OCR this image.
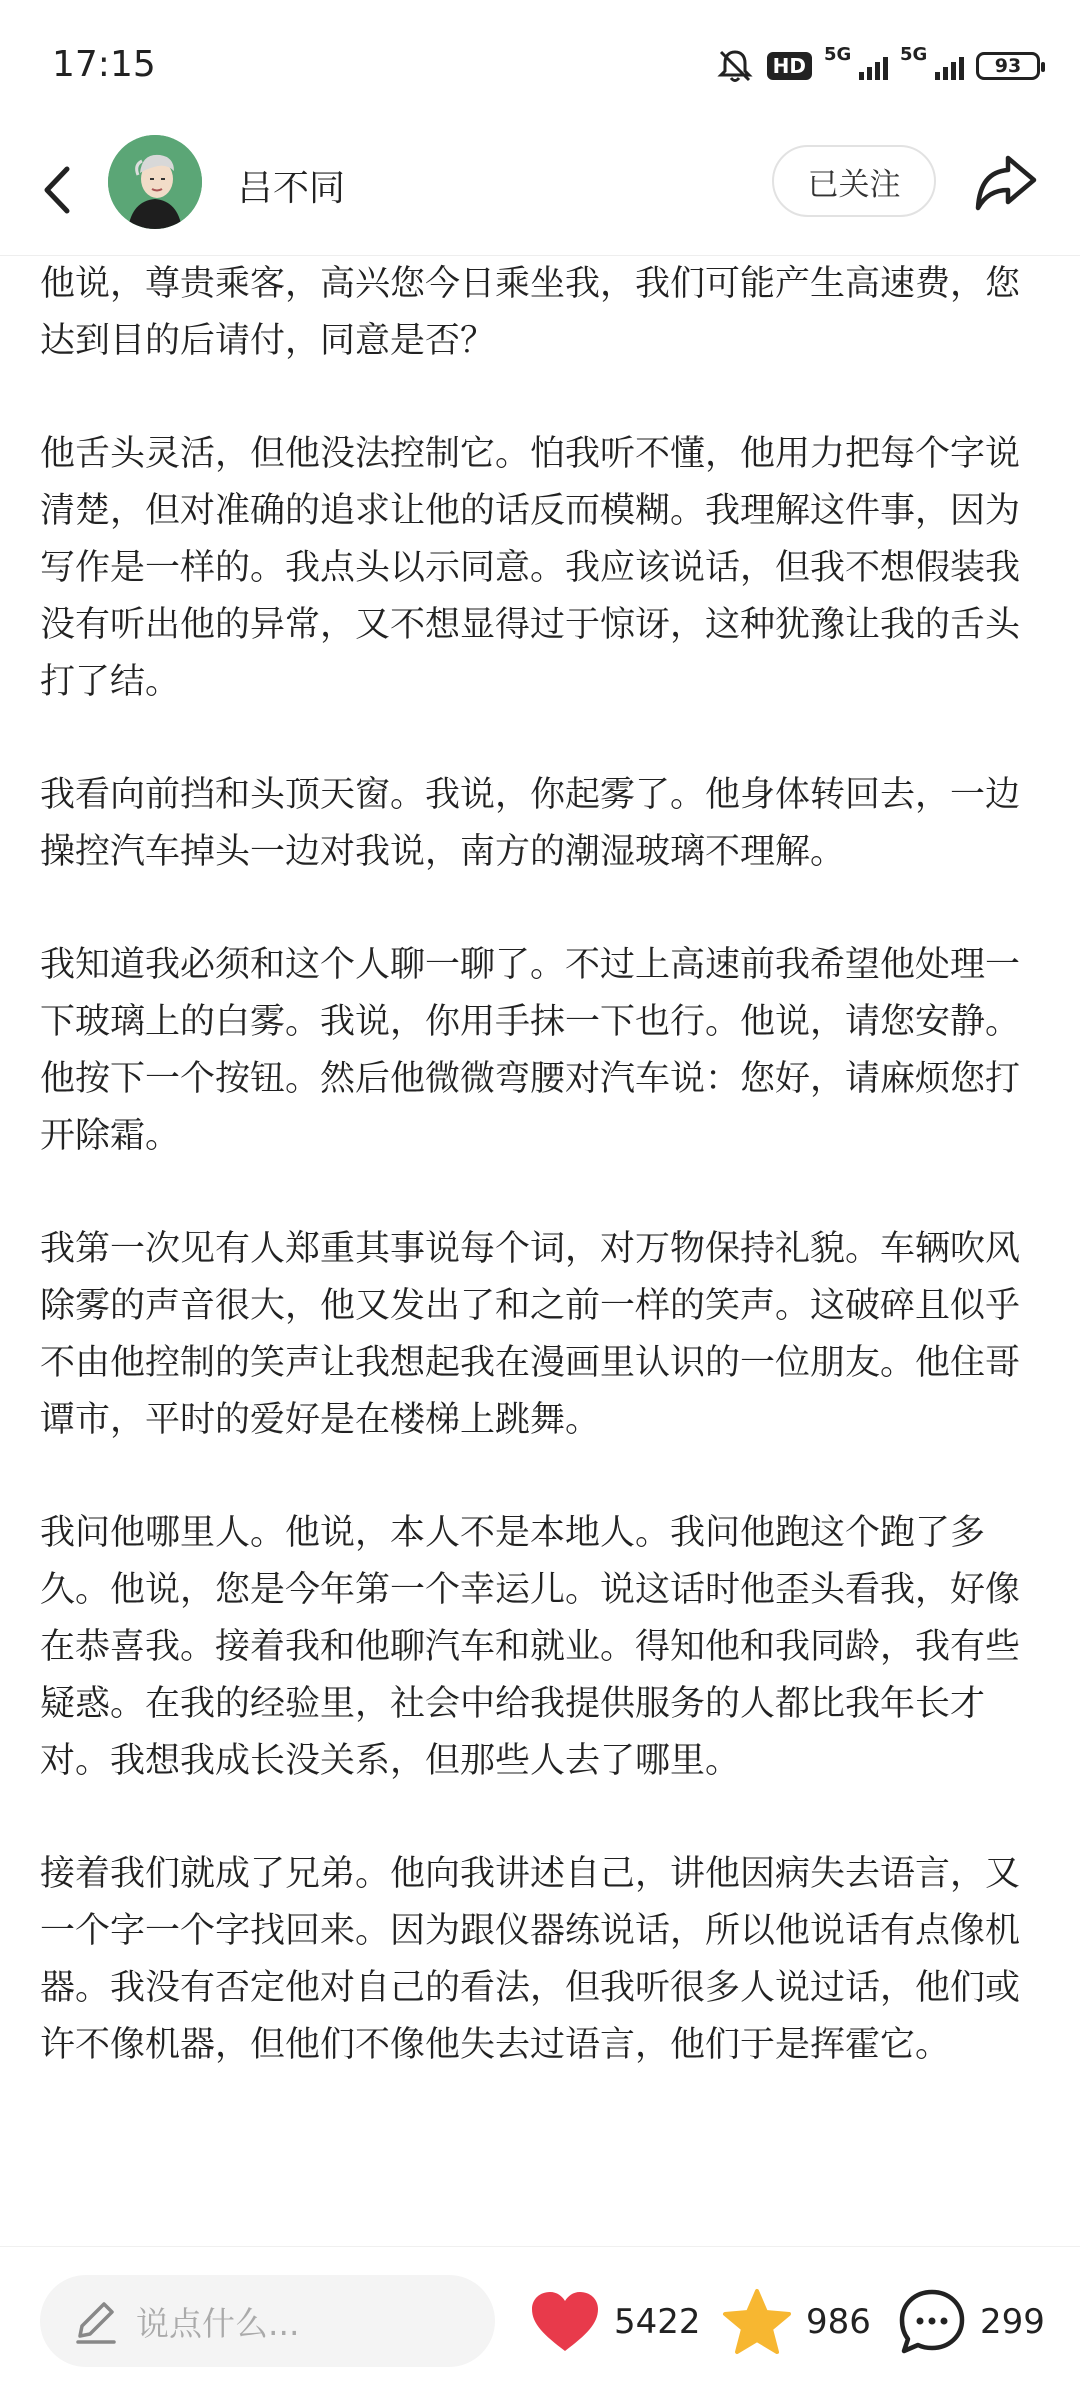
17:15	HD	5G	5G
93
吕不同	已关注

他说，尊贵乘客，高兴您今日乘坐我，我们可能产生高速费，您达到目的后请付，同意是否？

他舌头灵活，但他没法控制它。怕我听不懂，他用力把每个字说清楚，但对准确的追求让他的话反而模糊。我理解这件事，因为写作是一样的。我点头以示同意。我应该说话，但我不想假装我没有听出他的异常，又不想显得过于惊讶，这种犹豫让我的舌头打了结。

我看向前挡和头顶天窗。我说，你起雾了。他身体转回去，一边操控汽车掉头一边对我说，南方的潮湿玻璃不理解。

我知道我必须和这个人聊一聊了。不过上高速前我希望他处理一下玻璃上的白雾。我说，你用手抹一下也行。他说，请您安静。他按下一个按钮。然后他微微弯腰对汽车说：您好，请麻烦您打开除霜。

我第一次见有人郑重其事说每个词，对万物保持礼貌。车辆吹风除雾的声音很大，他又发出了和之前一样的笑声。这破碎且似乎不由他控制的笑声让我想起我在漫画里认识的一位朋友。他住哥谭市，平时的爱好是在楼梯上跳舞。

我问他哪里人。他说，本人不是本地人。我问他跑这个跑了多久。他说，您是今年第一个幸运儿。说这话时他歪头看我，好像在恭喜我。接着我和他聊汽车和就业。得知他和我同龄，我有些疑惑。在我的经验里，社会中给我提供服务的人都比我年长才对。我想我成长没关系，但那些人去了哪里。

接着我们就成了兄弟。他向我讲述自己，讲他因病失去语言，又一个字一个字找回来。因为跟仪器练说话，所以他说话有点像机器。我没有否定他对自己的看法，但我听很多人说过话，他们或许不像机器，但他们不像他失去过语言，他们于是挥霍它。

说点什么...	5422	986	299
